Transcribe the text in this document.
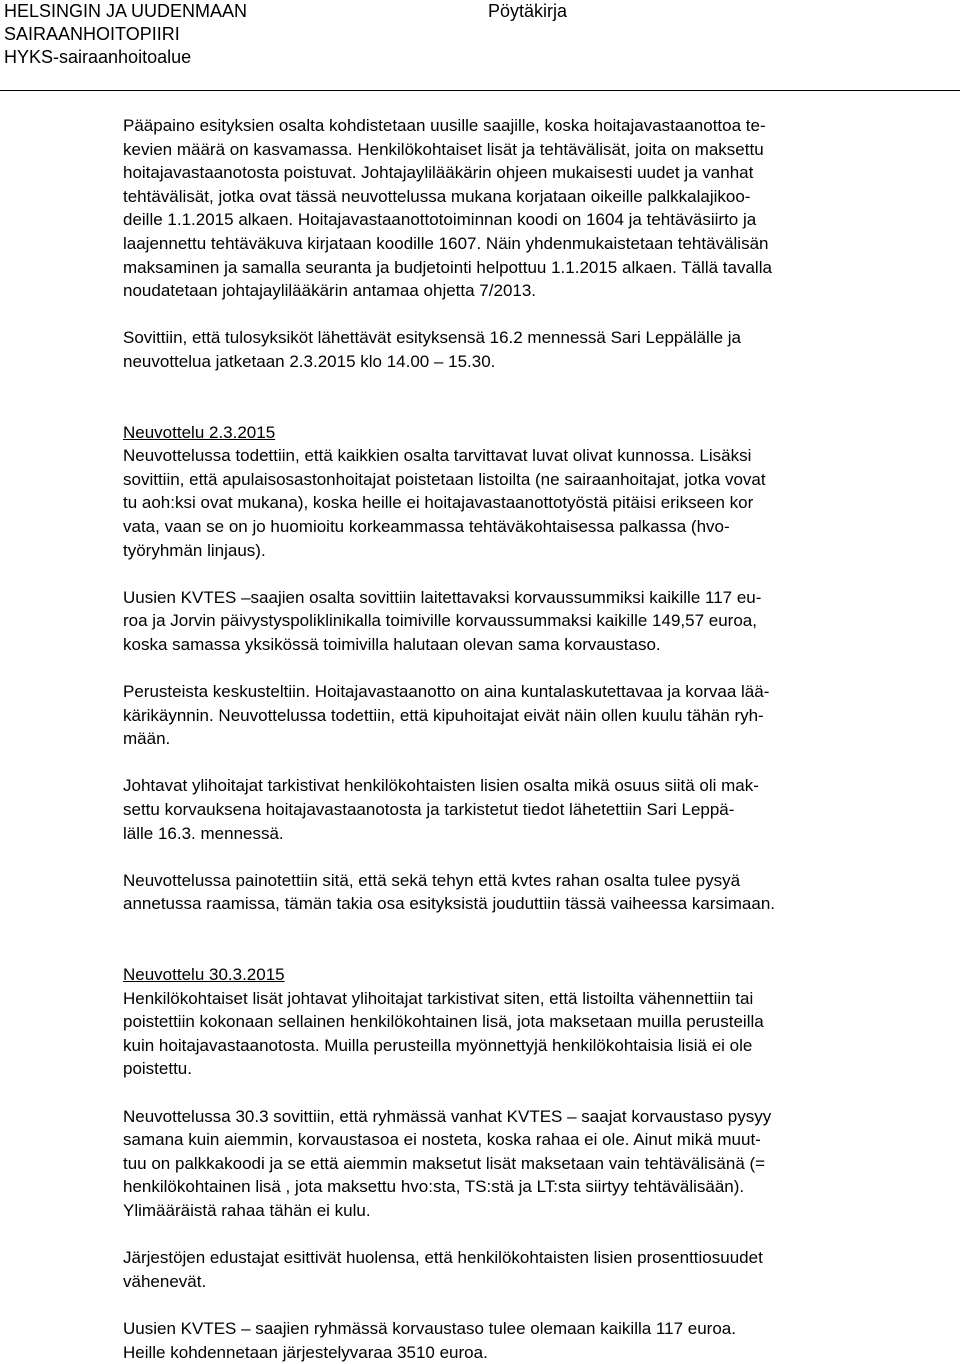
HELSINGIN JA UUDENMAAN
SAIRAANHOITOPIIRI
HYKS-sairaanhoitoalue
Pöytäkirja

Pääpaino esityksien osalta kohdistetaan uusille saajille, koska hoitajavastaanottoa te-
kevien määrä on kasvamassa. Henkilökohtaiset lisät ja tehtävälisät, joita on maksettu
hoitajavastaanotosta poistuvat. Johtajaylilääkärin ohjeen mukaisesti uudet ja vanhat
tehtävälisät, jotka ovat tässä neuvottelussa mukana korjataan oikeille palkkalajikoo-
deille 1.1.2015 alkaen. Hoitajavastaanottotoiminnan koodi on 1604 ja tehtäväsiirto ja
laajennettu tehtäväkuva kirjataan koodille 1607. Näin yhdenmukaistetaan tehtävälisän
maksaminen ja samalla seuranta ja budjetointi helpottuu 1.1.2015 alkaen. Tällä tavalla
noudatetaan johtajaylilääkärin antamaa ohjetta 7/2013.

Sovittiin, että tulosyksiköt lähettävät esityksensä 16.2 mennessä Sari Leppälälle ja
neuvottelua jatketaan 2.3.2015 klo 14.00 – 15.30.

Neuvottelu 2.3.2015

Neuvottelussa todettiin, että kaikkien osalta tarvittavat luvat olivat kunnossa. Lisäksi
sovittiin, että apulaisosastonhoitajat poistetaan listoilta (ne sairaanhoitajat, jotka vovat
tu aoh:ksi ovat mukana), koska heille ei hoitajavastaanottotyöstä pitäisi erikseen kor
vata, vaan se on jo huomioitu korkeammassa tehtäväkohtaisessa palkassa (hvo-
työryhmän linjaus).

Uusien KVTES –saajien osalta sovittiin laitettavaksi korvaussummiksi kaikille 117 eu-
roa ja Jorvin päivystyspoliklinikalla toimiville korvaussummaksi kaikille 149,57 euroa,
koska samassa yksikössä toimivilla halutaan olevan sama korvaustaso.

Perusteista keskusteltiin. Hoitajavastaanotto on aina kuntalaskutettavaa ja korvaa lää-
kärikäynnin. Neuvottelussa todettiin, että kipuhoitajat eivät näin ollen kuulu tähän ryh-
mään.

Johtavat ylihoitajat tarkistivat henkilökohtaisten lisien osalta mikä osuus siitä oli mak-
settu korvauksena hoitajavastaanotosta ja tarkistetut tiedot lähetettiin Sari Leppä-
lälle 16.3. mennessä.

Neuvottelussa painotettiin sitä, että sekä tehyn että kvtes rahan osalta tulee pysyä
annetussa raamissa, tämän takia osa esityksistä jouduttiin tässä vaiheessa karsimaan.

Neuvottelu 30.3.2015

Henkilökohtaiset lisät johtavat ylihoitajat tarkistivat siten, että listoilta vähennettiin tai
poistettiin kokonaan sellainen henkilökohtainen lisä, jota maksetaan muilla perusteilla
kuin hoitajavastaanotosta. Muilla perusteilla myönnettyjä henkilökohtaisia lisiä ei ole
poistettu.

Neuvottelussa 30.3 sovittiin, että ryhmässä vanhat KVTES – saajat korvaustaso pysyy
samana kuin aiemmin, korvaustasoa ei nosteta, koska rahaa ei ole. Ainut mikä muut-
tuu on palkkakoodi ja se että aiemmin maksetut lisät maksetaan vain tehtävälisänä (=
henkilökohtainen lisä , jota maksettu hvo:sta, TS:stä ja LT:sta siirtyy tehtävälisään).
Ylimääräistä rahaa tähän ei kulu.

Järjestöjen edustajat esittivät huolensa, että henkilökohtaisten lisien prosenttiosuudet
vähenevät.

Uusien KVTES – saajien ryhmässä korvaustaso tulee olemaan kaikilla 117 euroa.
Heille kohdennetaan järjestelyvaraa 3510 euroa.
